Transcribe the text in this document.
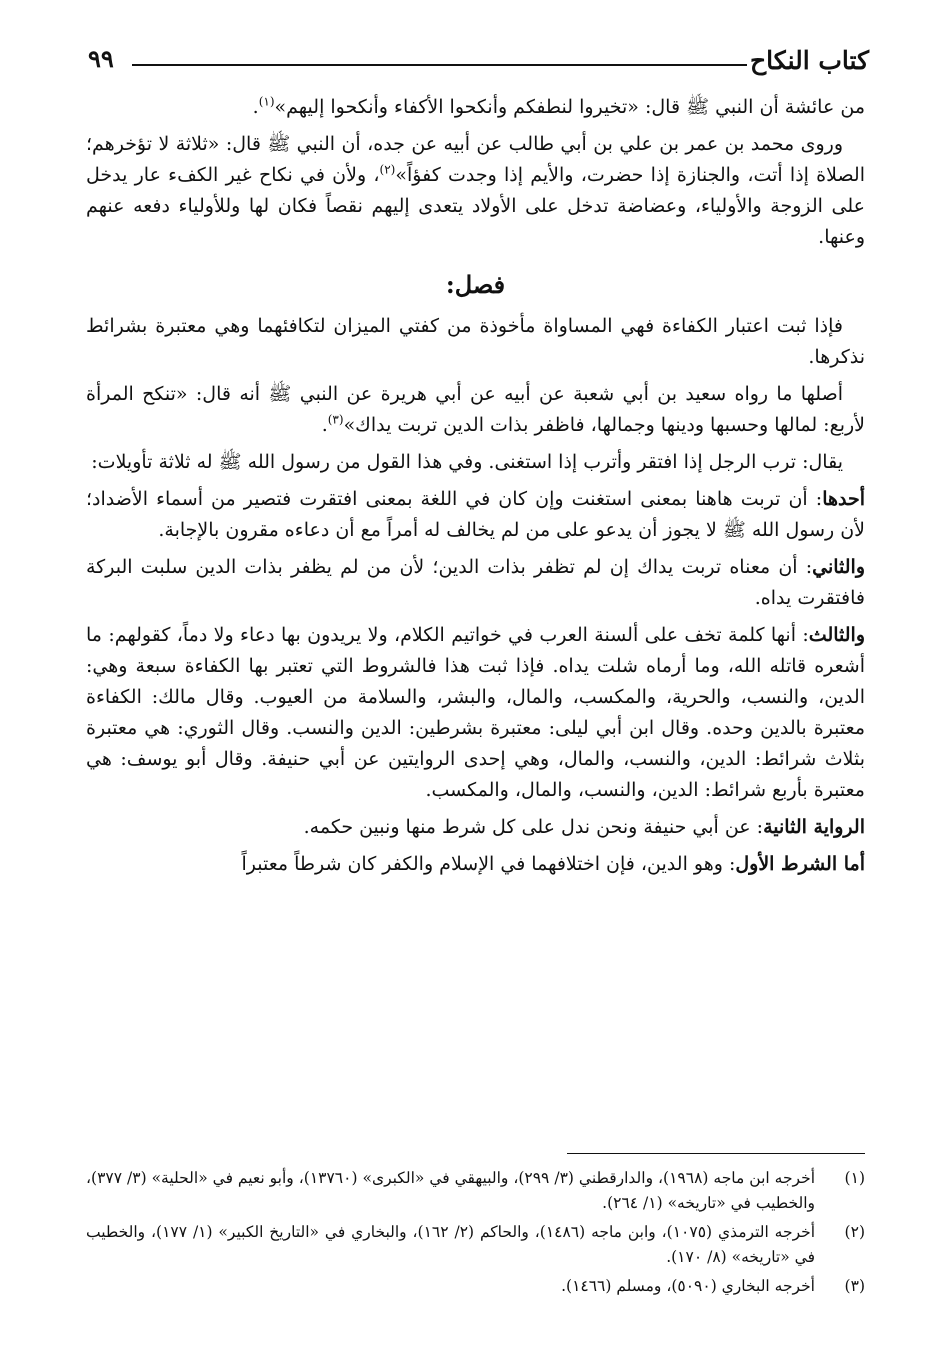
كتاب النكاح
٩٩

من عائشة أن النبي ﷺ قال: «تخيروا لنطفكم وأنكحوا الأكفاء وأنكحوا إليهم»$^{(١)}$.

وروى محمد بن عمر بن علي بن أبي طالب عن أبيه عن جده، أن النبي ﷺ قال: «ثلاثة لا تؤخرهم؛ الصلاة إذا أتت، والجنازة إذا حضرت، والأيم إذا وجدت كفؤاً»$^{(٢)}$، ولأن في نكاح غير الكفء عار يدخل على الزوجة والأولياء، وعضاضة تدخل على الأولاد يتعدى إليهم نقصاً فكان لها وللأولياء دفعه عنهم وعنها.

فصل:

فإذا ثبت اعتبار الكفاءة فهي المساواة مأخوذة من كفتي الميزان لتكافئهما وهي معتبرة بشرائط نذكرها.

أصلها ما رواه سعيد بن أبي شعبة عن أبيه عن أبي هريرة عن النبي ﷺ أنه قال: «تنكح المرأة لأربع: لمالها وحسبها ودينها وجمالها، فاظفر بذات الدين تربت يداك»$^{(٣)}$.

يقال: ترب الرجل إذا افتقر وأترب إذا استغنى. وفي هذا القول من رسول الله ﷺ له ثلاثة تأويلات:

أحدها: أن تربت هاهنا بمعنى استغنت وإن كان في اللغة بمعنى افتقرت فتصير من أسماء الأضداد؛ لأن رسول الله ﷺ لا يجوز أن يدعو على من لم يخالف له أمراً مع أن دعاءه مقرون بالإجابة.

والثاني: أن معناه تربت يداك إن لم تظفر بذات الدين؛ لأن من لم يظفر بذات الدين سلبت البركة فافتقرت يداه.

والثالث: أنها كلمة تخف على ألسنة العرب في خواتيم الكلام، ولا يريدون بها دعاء ولا دماً، كقولهم: ما أشعره قاتله الله، وما أرماه شلت يداه. فإذا ثبت هذا فالشروط التي تعتبر بها الكفاءة سبعة وهي: الدين، والنسب، والحرية، والمكسب، والمال، والبشر، والسلامة من العيوب. وقال مالك: الكفاءة معتبرة بالدين وحده. وقال ابن أبي ليلى: معتبرة بشرطين: الدين والنسب. وقال الثوري: هي معتبرة بثلاث شرائط: الدين، والنسب، والمال، وهي إحدى الروايتين عن أبي حنيفة. وقال أبو يوسف: هي معتبرة بأربع شرائط: الدين، والنسب، والمال، والمكسب.

الرواية الثانية: عن أبي حنيفة ونحن ندل على كل شرط منها ونبين حكمه.

أما الشرط الأول: وهو الدين، فإن اختلافهما في الإسلام والكفر كان شرطاً معتبراً

(١)
أخرجه ابن ماجه (١٩٦٨)، والدارقطني (٣/ ٢٩٩)، والبيهقي في «الكبرى» (١٣٧٦٠)، وأبو نعيم في «الحلية» (٣/ ٣٧٧)، والخطيب في «تاريخه» (١/ ٢٦٤).
(٢)
أخرجه الترمذي (١٠٧٥)، وابن ماجه (١٤٨٦)، والحاكم (٢/ ١٦٢)، والبخاري في «التاريخ الكبير» (١/ ١٧٧)، والخطيب في «تاريخه» (٨/ ١٧٠).
(٣)
أخرجه البخاري (٥٠٩٠)، ومسلم (١٤٦٦).
